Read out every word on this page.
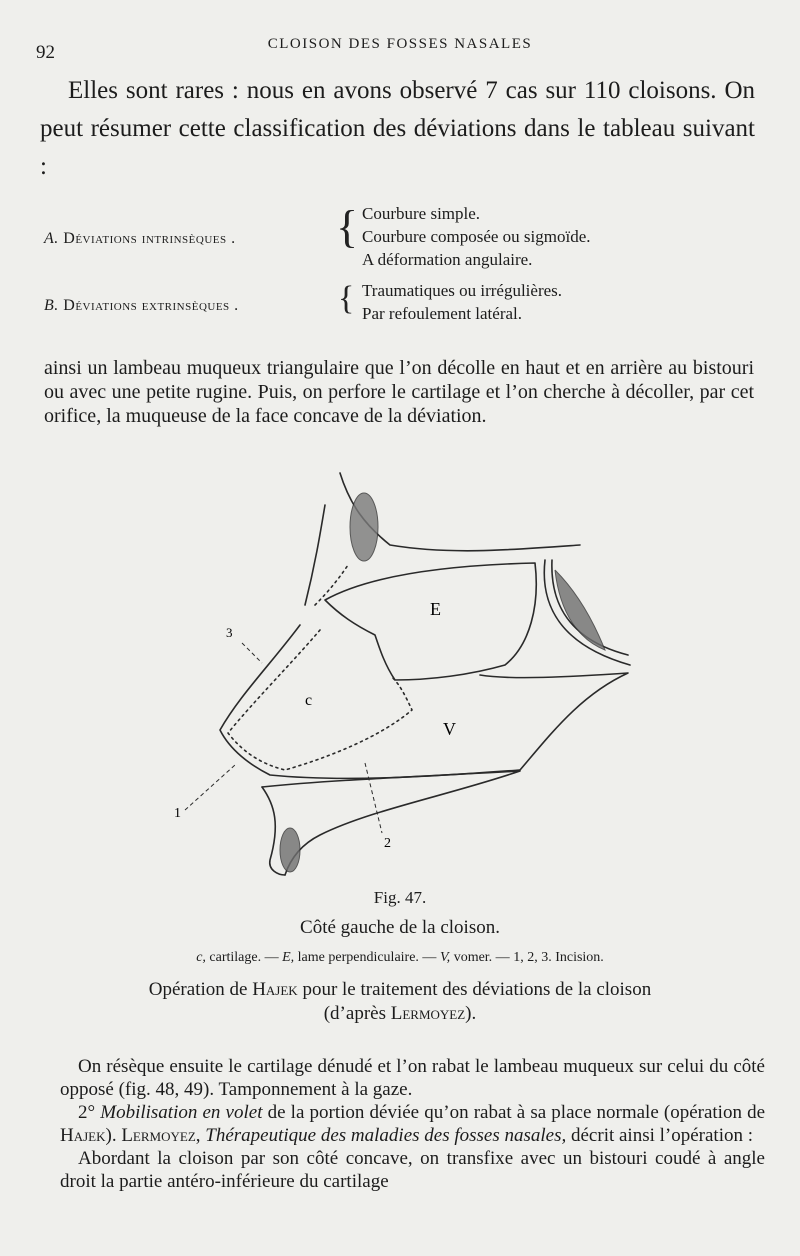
92	CLOISON DES FOSSES NASALES

Elles sont rares : nous en avons observé 7 cas sur 110 cloisons. On peut résumer cette classification des déviations dans le tableau suivant :

A. Déviations intrinsèques . { Courbure simple.
Courbure composée ou sigmoïde.
A déformation angulaire.
B. Déviations extrinsèques .	{ Traumatiques ou irrégulières.
Par refoulement latéral.

ainsi un lambeau muqueux triangulaire que l’on décolle en haut et en arrière au bistouri ou avec une petite rugine. Puis, on perfore le cartilage et l’on cherche à décoller, par cet orifice, la muqueuse de la face concave de la déviation.

E
c
V
3
1
2
Fig. 47.
Côté gauche de la cloison.
c, cartilage. — E, lame perpendiculaire. — V, vomer. — 1, 2, 3. Incision.
Opération de Hajek pour le traitement des déviations de la cloison
(d’après Lermoyez).

On résèque ensuite le cartilage dénudé et l’on rabat le lambeau muqueux sur celui du côté opposé (fig. 48, 49). Tamponnement à la gaze.

2° Mobilisation en volet de la portion déviée qu’on rabat à sa place normale (opération de Hajek). Lermoyez, Thérapeutique des maladies des fosses nasales, décrit ainsi l’opération :

Abordant la cloison par son côté concave, on transfixe avec un bistouri coudé à angle droit la partie antéro-inférieure du cartilage
